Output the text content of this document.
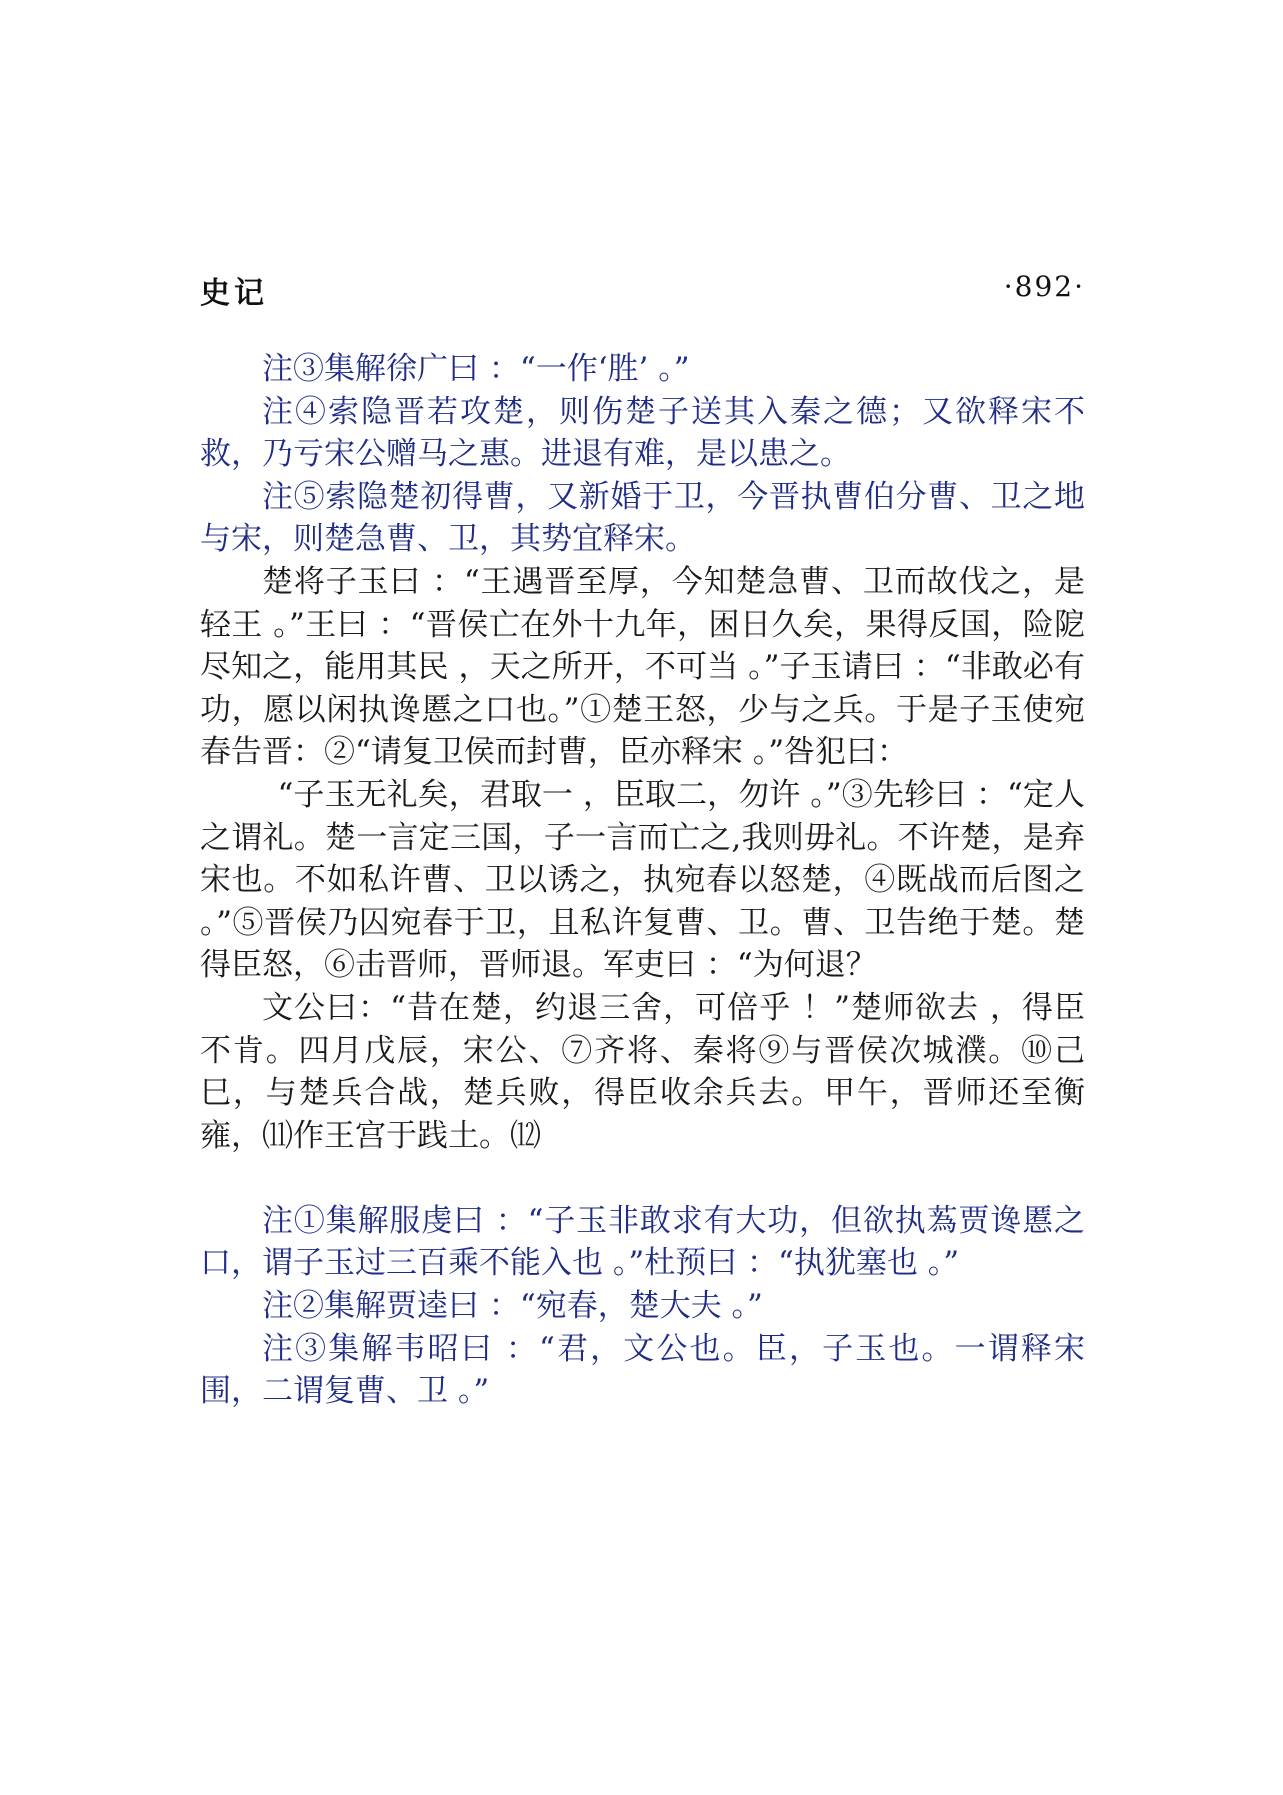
史记	·892·

注③集解徐广曰 ：“一作‘胜’ 。”

注④索隐晋若攻楚，则伤楚子送其入秦之德；又欲释宋不救，乃亏宋公赠马之惠。进退有难，是以患之。

注⑤索隐楚初得曹，又新婚于卫，今晋执曹伯分曹、卫之地与宋，则楚急曹、卫，其势宜释宋。

楚将子玉曰 ：“王遇晋至厚，今知楚急曹、卫而故伐之，是轻王 。”王曰 ：“晋侯亡在外十九年，困日久矣，果得反国，险阸尽知之，能用其民 ，天之所开，不可当 。”子玉请曰 ：“非敢必有功，愿以闲执谗慝之口也。”①楚王怒，少与之兵。于是子玉使宛春告晋：②“请复卫侯而封曹，臣亦释宋 。”咎犯曰：

“子玉无礼矣，君取一 ，臣取二，勿许 。”③先轸曰 ：“定人之谓礼。楚一言定三国，子一言而亡之,我则毋礼。不许楚，是弃宋也。不如私许曹、卫以诱之，执宛春以怒楚，④既战而后图之 。”⑤晋侯乃囚宛春于卫，且私许复曹、卫。曹、卫告绝于楚。楚得臣怒，⑥击晋师，晋师退。军吏曰 ：“为何退？

文公曰：“昔在楚，约退三舍，可倍乎 ！”楚师欲去 ，得臣不肯。四月戊辰，宋公、⑦齐将、秦将⑨与晋侯次城濮。⑩己巳，与楚兵合战，楚兵败，得臣收余兵去。甲午，晋师还至衡雍，⑾作王宫于践土。⑿

注①集解服虔曰 ：“子玉非敢求有大功，但欲执蒍贾谗慝之口，谓子玉过三百乘不能入也 。”杜预曰 ：“执犹塞也 。”

注②集解贾逵曰 ：“宛春，楚大夫 。”

注③集解韦昭曰 ：“君，文公也。臣，子玉也。一谓释宋围，二谓复曹、卫 。”
